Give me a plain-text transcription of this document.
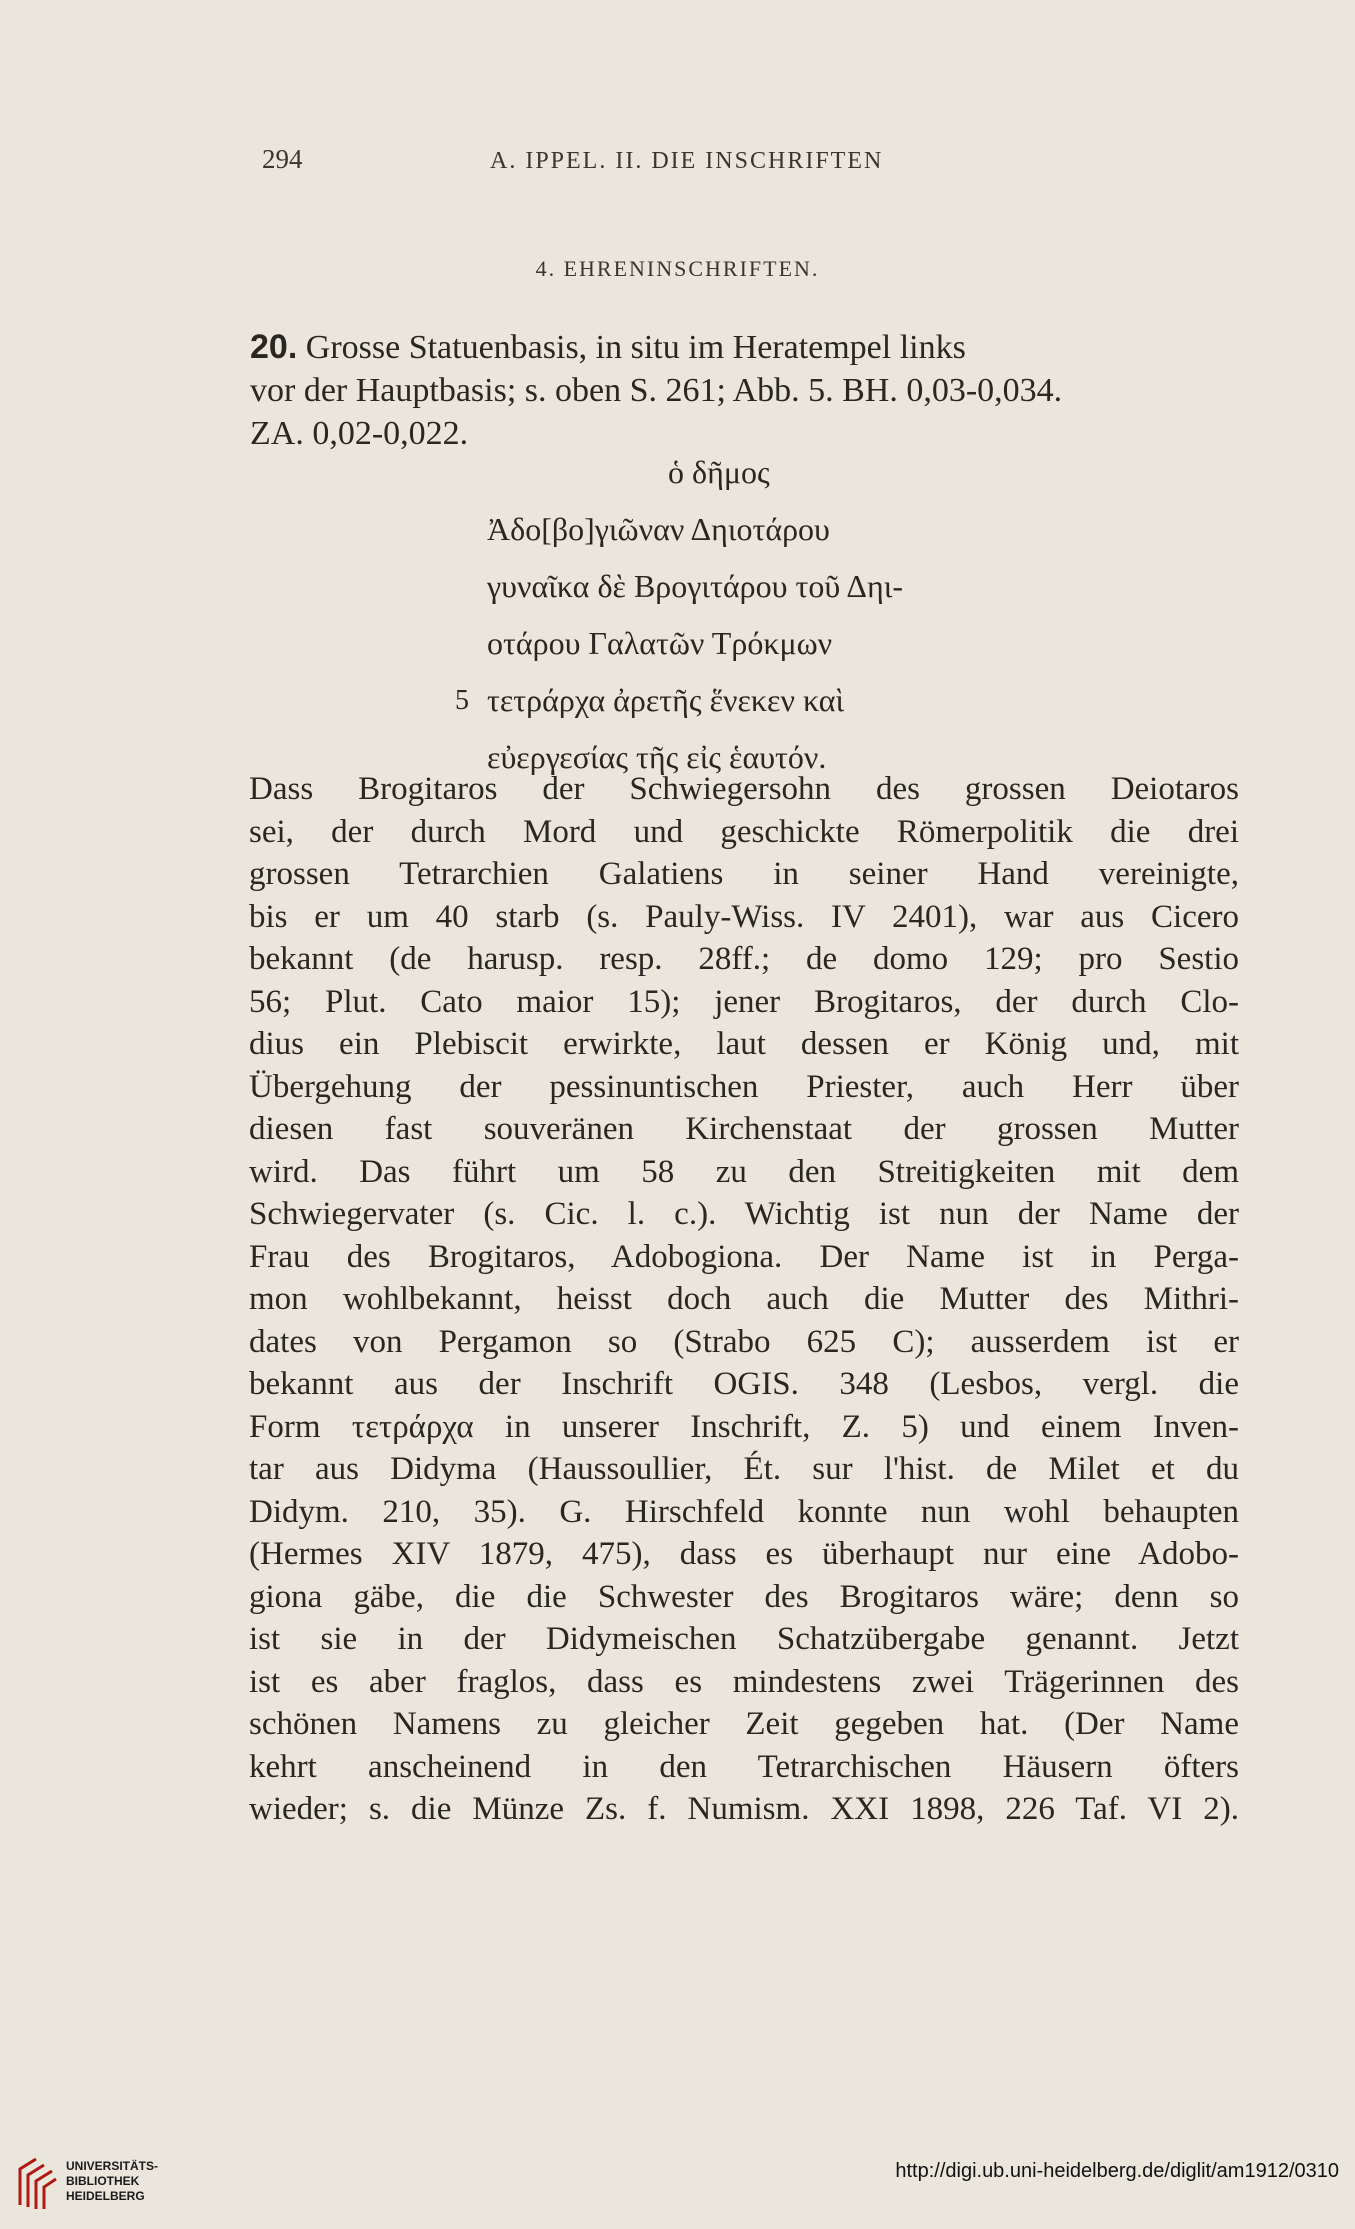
294	A. IPPEL. II. DIE INSCHRIFTEN
4. EHRENINSCHRIFTEN.
20. Grosse Statuenbasis, in situ im Heratempel links
vor der Hauptbasis; s. oben S. 261; Abb. 5. BH. 0,03-0,034.
ZA. 0,02-0,022.
ὁ δῆμος
Ἀδο[βο]γιῶναν Δηιοτάρου
γυναῖκα δὲ Βρογιτάρου τοῦ Δηι-
οτάρου Γαλατῶν Τρόκμων
5 τετράρχα ἀρετῆς ἕνεκεν καὶ
εὐεργεσίας τῆς εἰς ἑαυτόν.
Dass Brogitaros der Schwiegersohn des grossen Deiotaros
sei, der durch Mord und geschickte Römerpolitik die drei
grossen Tetrarchien Galatiens in seiner Hand vereinigte,
bis er um 40 starb (s. Pauly-Wiss. IV 2401), war aus Cicero
bekannt (de harusp. resp. 28ff.; de domo 129; pro Sestio
56; Plut. Cato maior 15); jener Brogitaros, der durch Clo-
dius ein Plebiscit erwirkte, laut dessen er König und, mit
Übergehung der pessinuntischen Priester, auch Herr über
diesen fast souveränen Kirchenstaat der grossen Mutter
wird. Das führt um 58 zu den Streitigkeiten mit dem
Schwiegervater (s. Cic. l. c.). Wichtig ist nun der Name der
Frau des Brogitaros, Adobogiona. Der Name ist in Perga-
mon wohlbekannt, heisst doch auch die Mutter des Mithri-
dates von Pergamon so (Strabo 625 C); ausserdem ist er
bekannt aus der Inschrift OGIS. 348 (Lesbos, vergl. die
Form τετράρχα in unserer Inschrift, Z. 5) und einem Inven-
tar aus Didyma (Haussoullier, Ét. sur l'hist. de Milet et du
Didym. 210, 35). G. Hirschfeld konnte nun wohl behaupten
(Hermes XIV 1879, 475), dass es überhaupt nur eine Adobo-
giona gäbe, die die Schwester des Brogitaros wäre; denn so
ist sie in der Didymeischen Schatzübergabe genannt. Jetzt
ist es aber fraglos, dass es mindestens zwei Trägerinnen des
schönen Namens zu gleicher Zeit gegeben hat. (Der Name
kehrt anscheinend in den Tetrarchischen Häusern öfters
wieder; s. die Münze Zs. f. Numism. XXI 1898, 226 Taf. VI 2).
UNIVERSITÄTS-
BIBLIOTHEK
HEIDELBERG
http://digi.ub.uni-heidelberg.de/diglit/am1912/0310
